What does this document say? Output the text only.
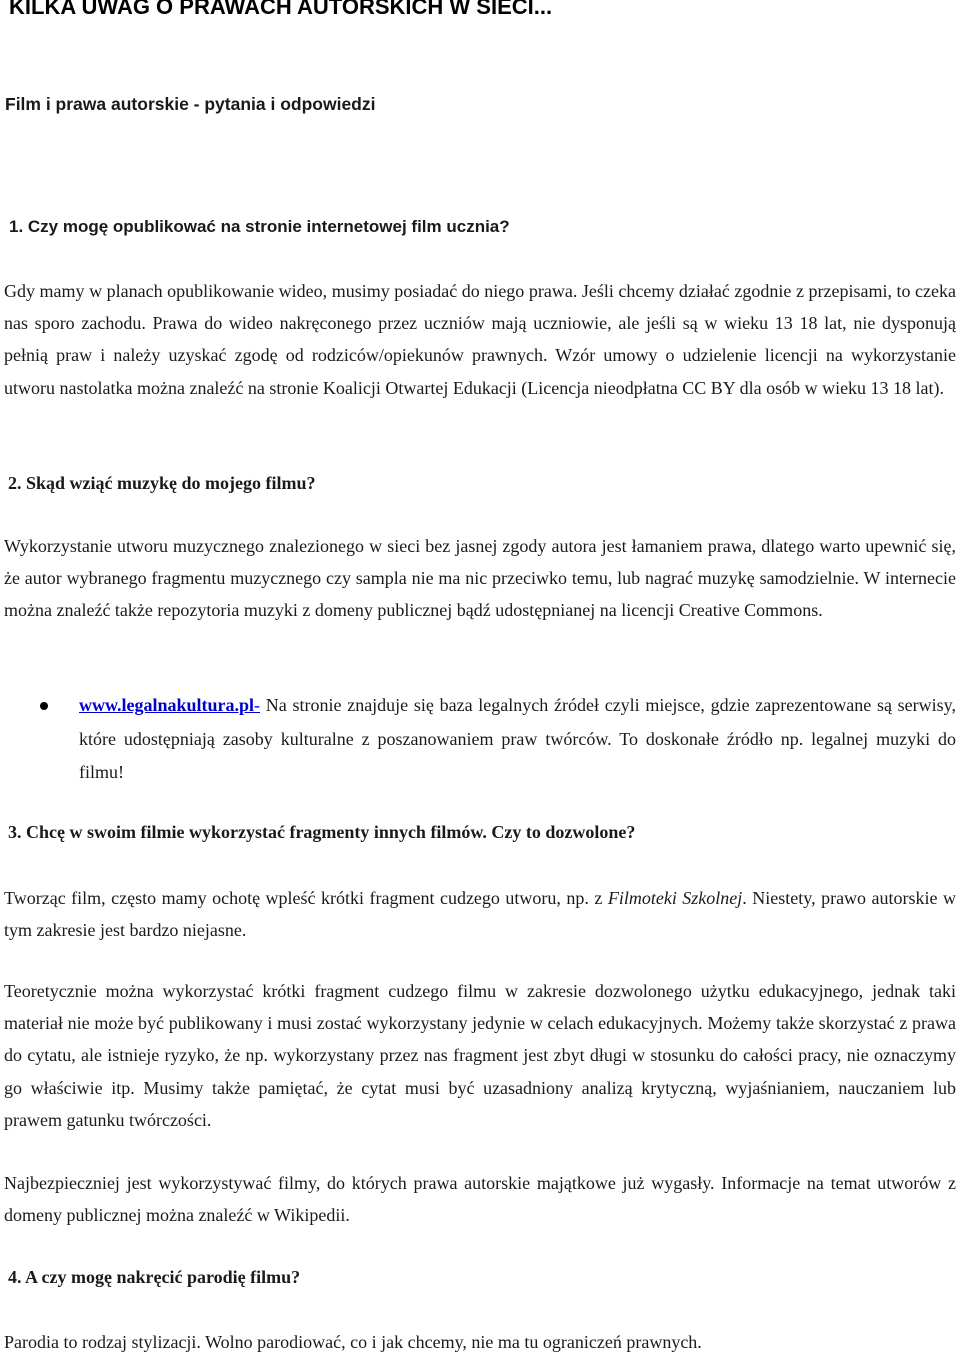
KILKA UWAG O PRAWACH AUTORSKICH W SIECI...
Film i prawa autorskie - pytania i odpowiedzi
1. Czy mogę opublikować na stronie internetowej film ucznia?
Gdy mamy w planach opublikowanie wideo, musimy posiadać do niego prawa. Jeśli chcemy działać zgodnie z przepisami, to czeka nas sporo zachodu. Prawa do wideo nakręconego przez uczniów mają uczniowie, ale jeśli są w wieku 13 18 lat, nie dysponują pełnią praw i należy uzyskać zgodę od rodziców/opiekunów prawnych. Wzór umowy o udzielenie licencji na wykorzystanie utworu nastolatka można znaleźć na stronie Koalicji Otwartej Edukacji (Licencja nieodpłatna CC BY dla osób w wieku 13 18 lat).
2. Skąd wziąć muzykę do mojego filmu?
Wykorzystanie utworu muzycznego znalezionego w sieci bez jasnej zgody autora jest łamaniem prawa, dlatego warto upewnić się, że autor wybranego fragmentu muzycznego czy sampla nie ma nic przeciwko temu, lub nagrać muzykę samodzielnie. W internecie można znaleźć także repozytoria muzyki z domeny publicznej bądź udostępnianej na licencji Creative Commons.
www.legalnakultura.pl- Na stronie znajduje się baza legalnych źródeł czyli miejsce, gdzie zaprezentowane są serwisy, które udostępniają zasoby kulturalne z poszanowaniem praw twórców. To doskonałe źródło np. legalnej muzyki do filmu!
3. Chcę w swoim filmie wykorzystać fragmenty innych filmów. Czy to dozwolone?
Tworząc film, często mamy ochotę wpleść krótki fragment cudzego utworu, np. z Filmoteki Szkolnej. Niestety, prawo autorskie w tym zakresie jest bardzo niejasne.
Teoretycznie można wykorzystać krótki fragment cudzego filmu w zakresie dozwolonego użytku edukacyjnego, jednak taki materiał nie może być publikowany i musi zostać wykorzystany jedynie w celach edukacyjnych. Możemy także skorzystać z prawa do cytatu, ale istnieje ryzyko, że np. wykorzystany przez nas fragment jest zbyt długi w stosunku do całości pracy, nie oznaczymy go właściwie itp. Musimy także pamiętać, że cytat musi być uzasadniony analizą krytyczną, wyjaśnianiem, nauczaniem lub prawem gatunku twórczości.
Najbezpieczniej jest wykorzystywać filmy, do których prawa autorskie majątkowe już wygasły. Informacje na temat utworów z domeny publicznej można znaleźć w Wikipedii.
4. A czy mogę nakręcić parodię filmu?
Parodia to rodzaj stylizacji. Wolno parodiować, co i jak chcemy, nie ma tu ograniczeń prawnych.
